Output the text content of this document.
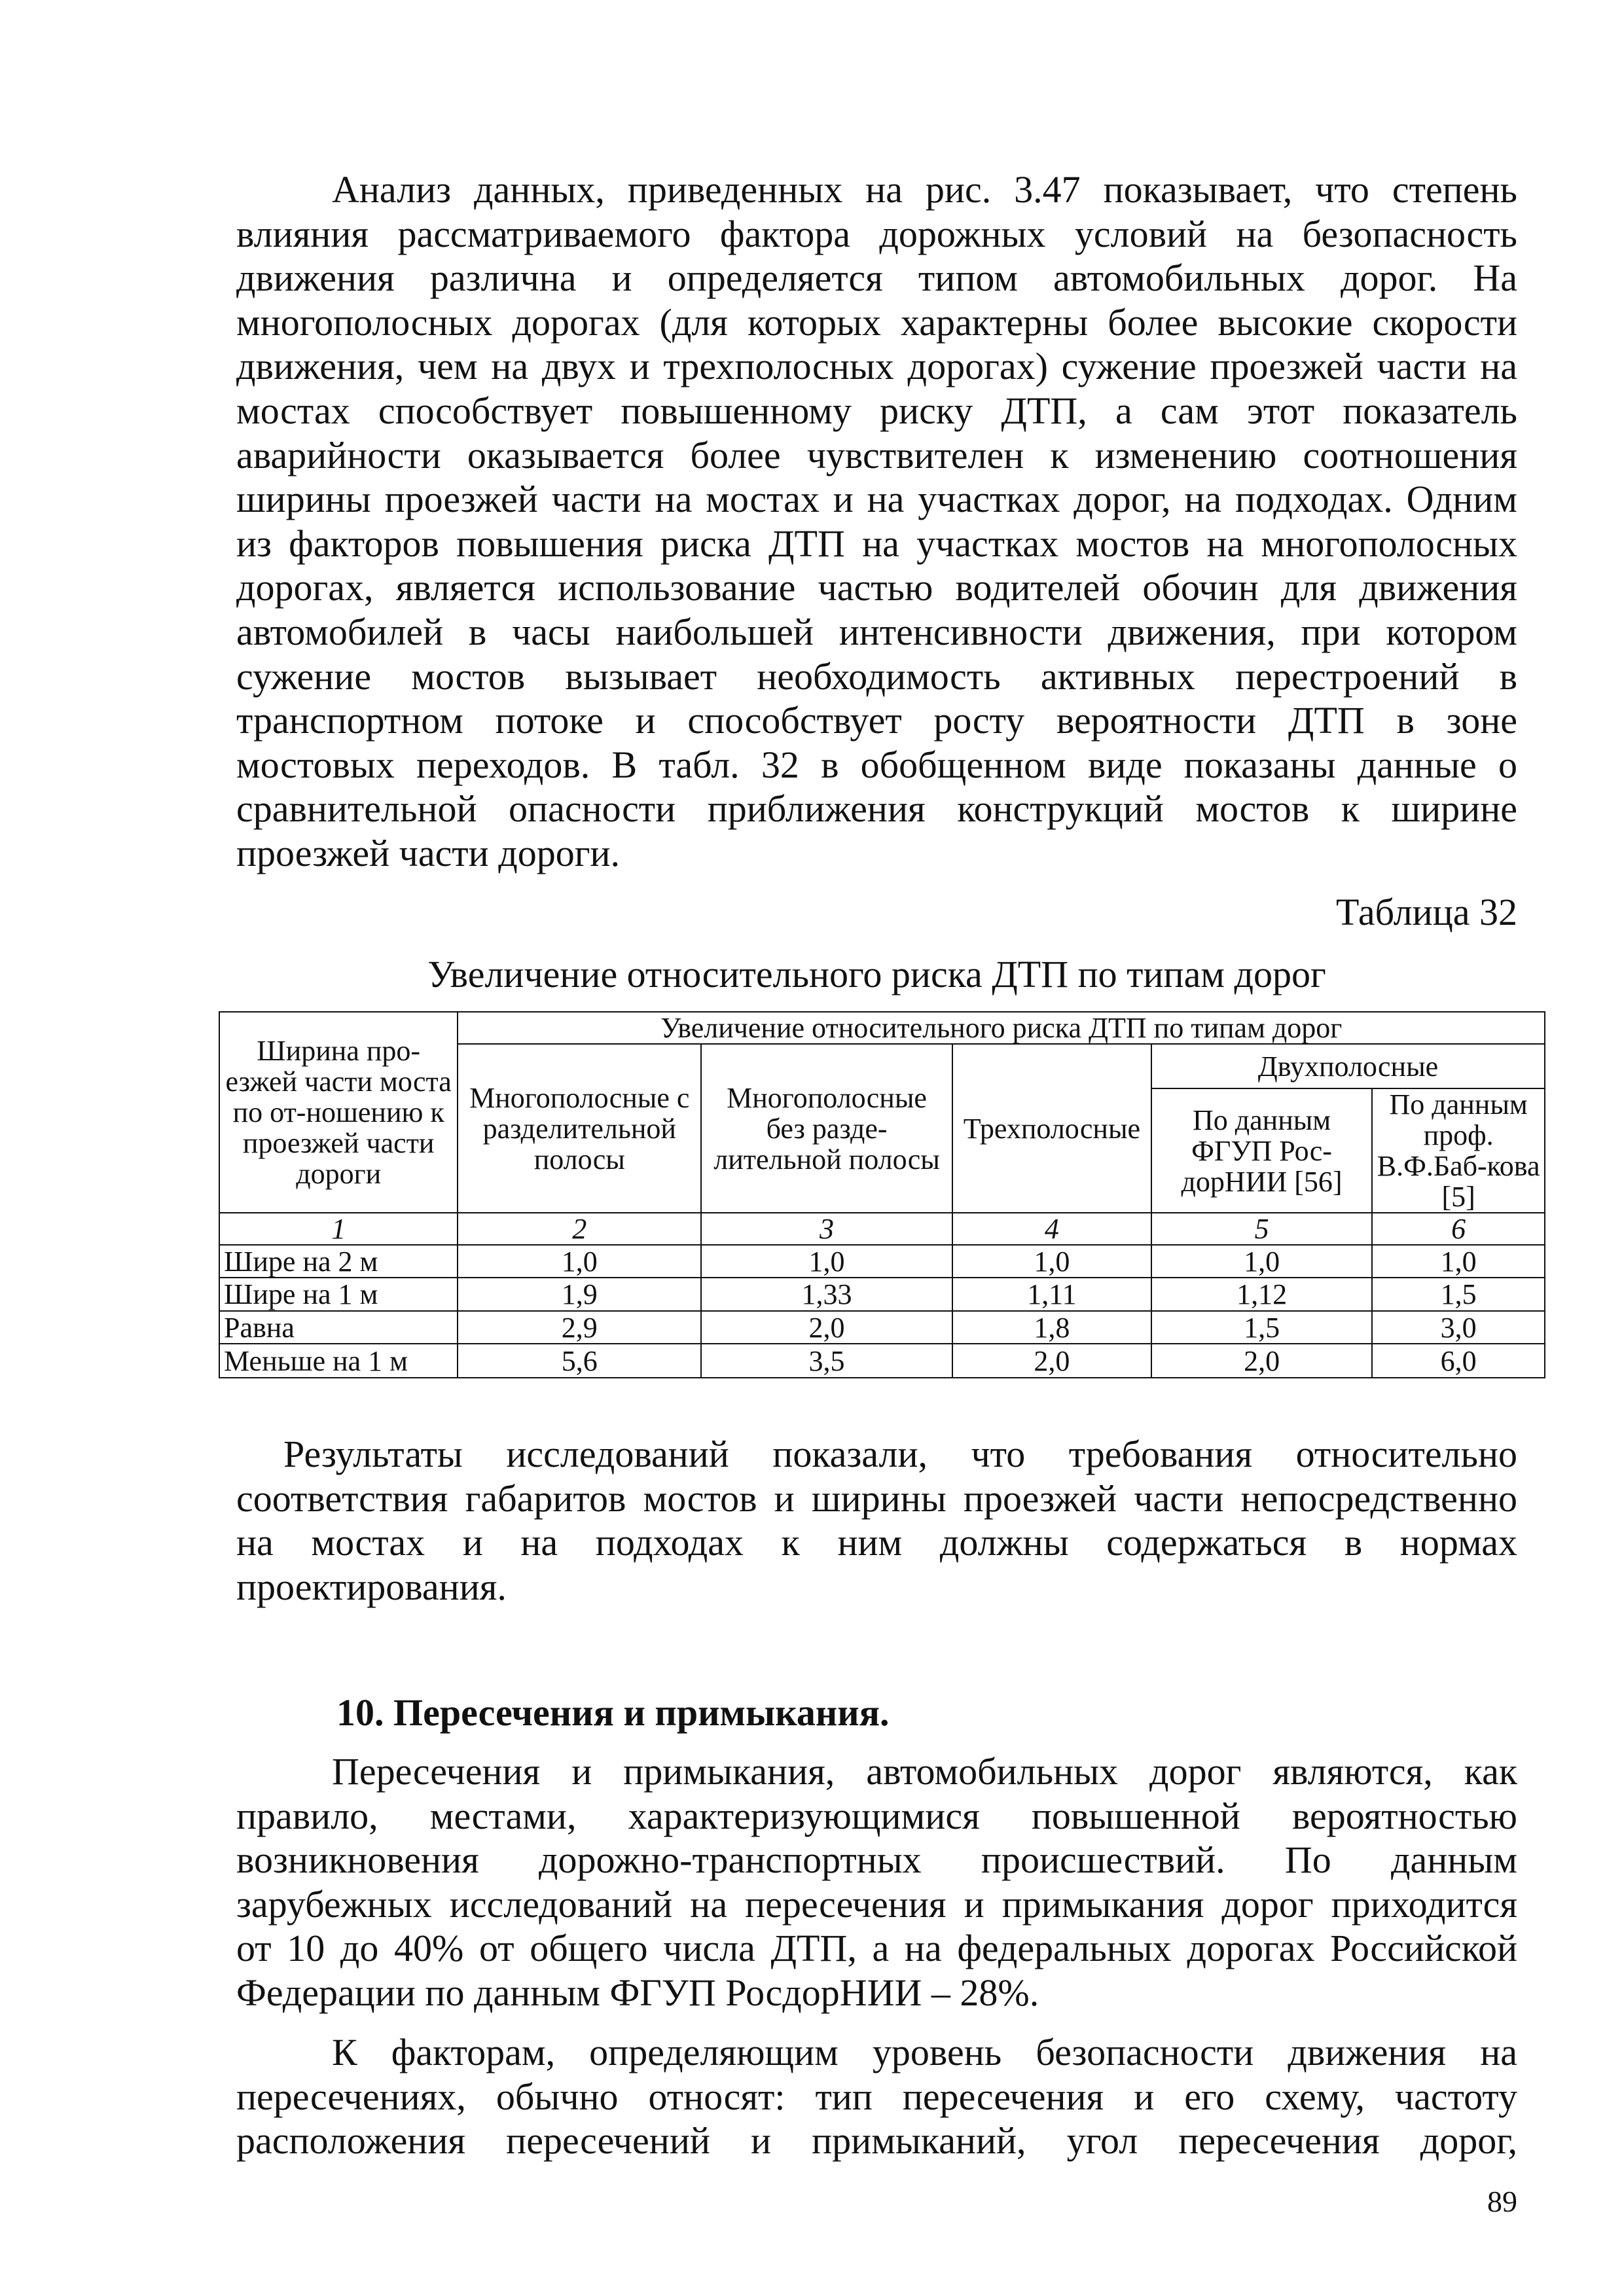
Анализ данных, приведенных на рис. 3.47 показывает, что степень
влияния рассматриваемого фактора дорожных условий на безопасность
движения различна и определяется типом автомобильных дорог. На
многополосных дорогах (для которых характерны более высокие скорости
движения, чем на двух и трехполосных дорогах) сужение проезжей части на
мостах способствует повышенному риску ДТП, а сам этот показатель
аварийности оказывается более чувствителен к изменению соотношения
ширины проезжей части на мостах и на участках дорог, на подходах. Одним
из факторов повышения риска ДТП на участках мостов на многополосных
дорогах, является использование частью водителей обочин для движения
автомобилей в часы наибольшей интенсивности движения, при котором
сужение мостов вызывает необходимость активных перестроений в
транспортном потоке и способствует росту вероятности ДТП в зоне
мостовых переходов. В табл. 32 в обобщенном виде показаны данные о
сравнительной опасности приближения конструкций мостов к ширине
проезжей части дороги.
Таблица 32
Увеличение относительного риска ДТП по типам дорог
Ширина про-езжей части моста по от-ношению к проезжей части дороги	Увеличение относительного риска ДТП по типам дорог				
	Многополосные с разделительной полосы	Многополосные без разде-лительной полосы	Трехполосные	Двухполосные	
				По данным ФГУП Рос-дорНИИ [56]	По данным проф. В.Ф.Баб-кова [5]
1	2	3	4	5	6
Шире на 2 м	1,0	1,0	1,0	1,0	1,0
Шире на 1 м	1,9	1,33	1,11	1,12	1,5
Равна	2,9	2,0	1,8	1,5	3,0
Меньше на 1 м	5,6	3,5	2,0	2,0	6,0
Результаты исследований показали, что требования относительно
соответствия габаритов мостов и ширины проезжей части непосредственно
на мостах и на подходах к ним должны содержаться в нормах
проектирования.
10. Пересечения и примыкания.
Пересечения и примыкания, автомобильных дорог являются, как
правило, местами, характеризующимися повышенной вероятностью
возникновения дорожно-транспортных происшествий. По данным
зарубежных исследований на пересечения и примыкания дорог приходится
от 10 до 40% от общего числа ДТП, а на федеральных дорогах Российской
Федерации по данным ФГУП РосдорНИИ – 28%.
К факторам, определяющим уровень безопасности движения на
пересечениях, обычно относят: тип пересечения и его схему, частоту
расположения пересечений и примыканий, угол пересечения дорог,
89
